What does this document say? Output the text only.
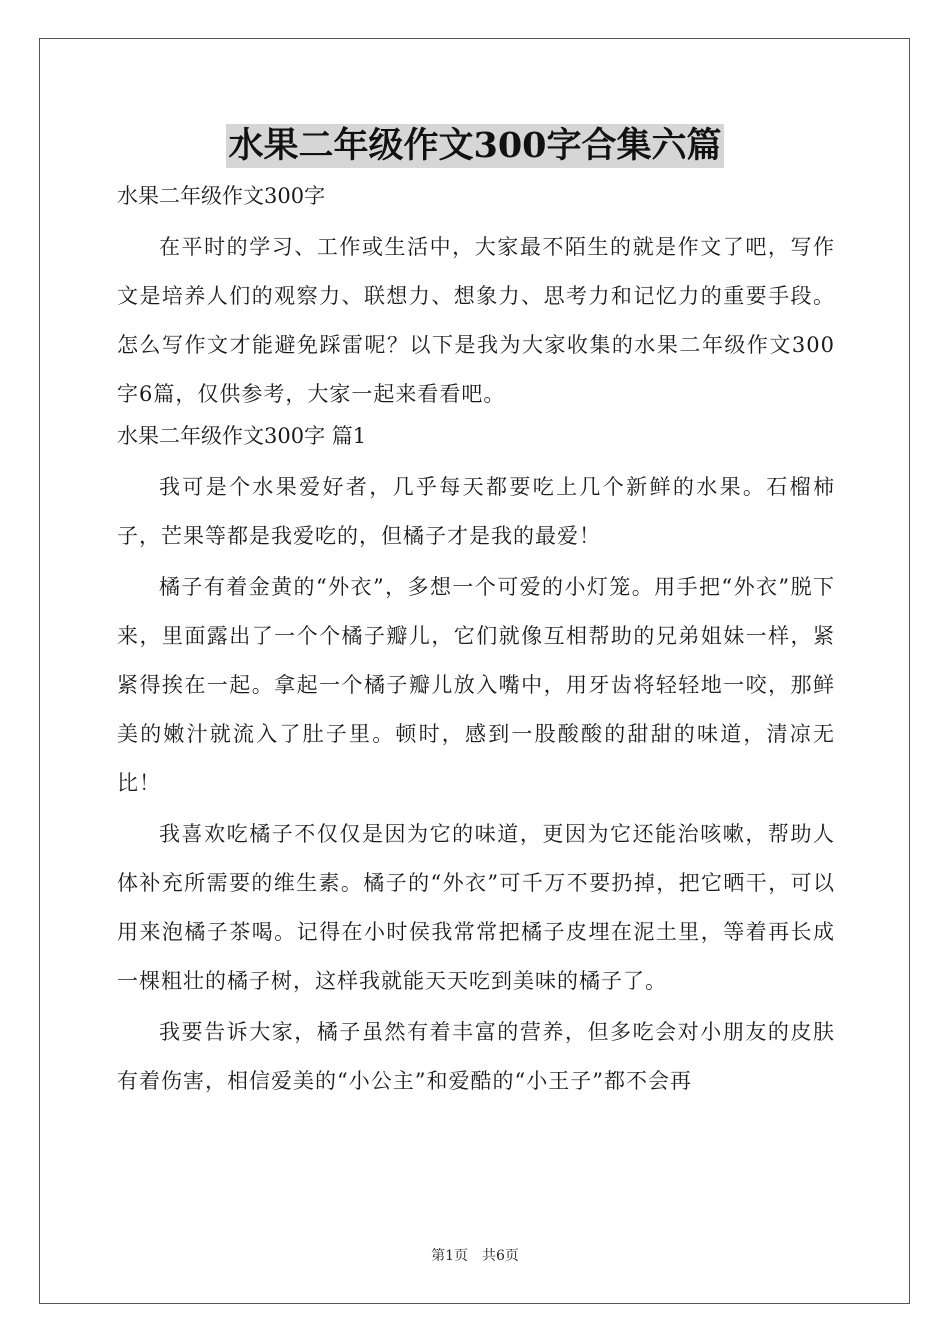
水果二年级作文300字合集六篇
水果二年级作文300字

在平时的学习、工作或生活中，大家最不陌生的就是作文了吧，写作文是培养人们的观察力、联想力、想象力、思考力和记忆力的重要手段。怎么写作文才能避免踩雷呢？以下是我为大家收集的水果二年级作文300字6篇，仅供参考，大家一起来看看吧。

水果二年级作文300字 篇1

我可是个水果爱好者，几乎每天都要吃上几个新鲜的水果。石榴柿子，芒果等都是我爱吃的，但橘子才是我的最爱！

橘子有着金黄的“外衣”，多想一个可爱的小灯笼。用手把“外衣”脱下来，里面露出了一个个橘子瓣儿，它们就像互相帮助的兄弟姐妹一样，紧紧得挨在一起。拿起一个橘子瓣儿放入嘴中，用牙齿将轻轻地一咬，那鲜美的嫩汁就流入了肚子里。顿时，感到一股酸酸的甜甜的味道，清凉无比！

我喜欢吃橘子不仅仅是因为它的味道，更因为它还能治咳嗽，帮助人体补充所需要的维生素。橘子的“外衣”可千万不要扔掉，把它晒干，可以用来泡橘子茶喝。记得在小时侯我常常把橘子皮埋在泥土里，等着再长成一棵粗壮的橘子树，这样我就能天天吃到美味的橘子了。

我要告诉大家，橘子虽然有着丰富的营养，但多吃会对小朋友的皮肤有着伤害，相信爱美的“小公主”和爱酷的“小王子”都不会再

第1页　共6页
